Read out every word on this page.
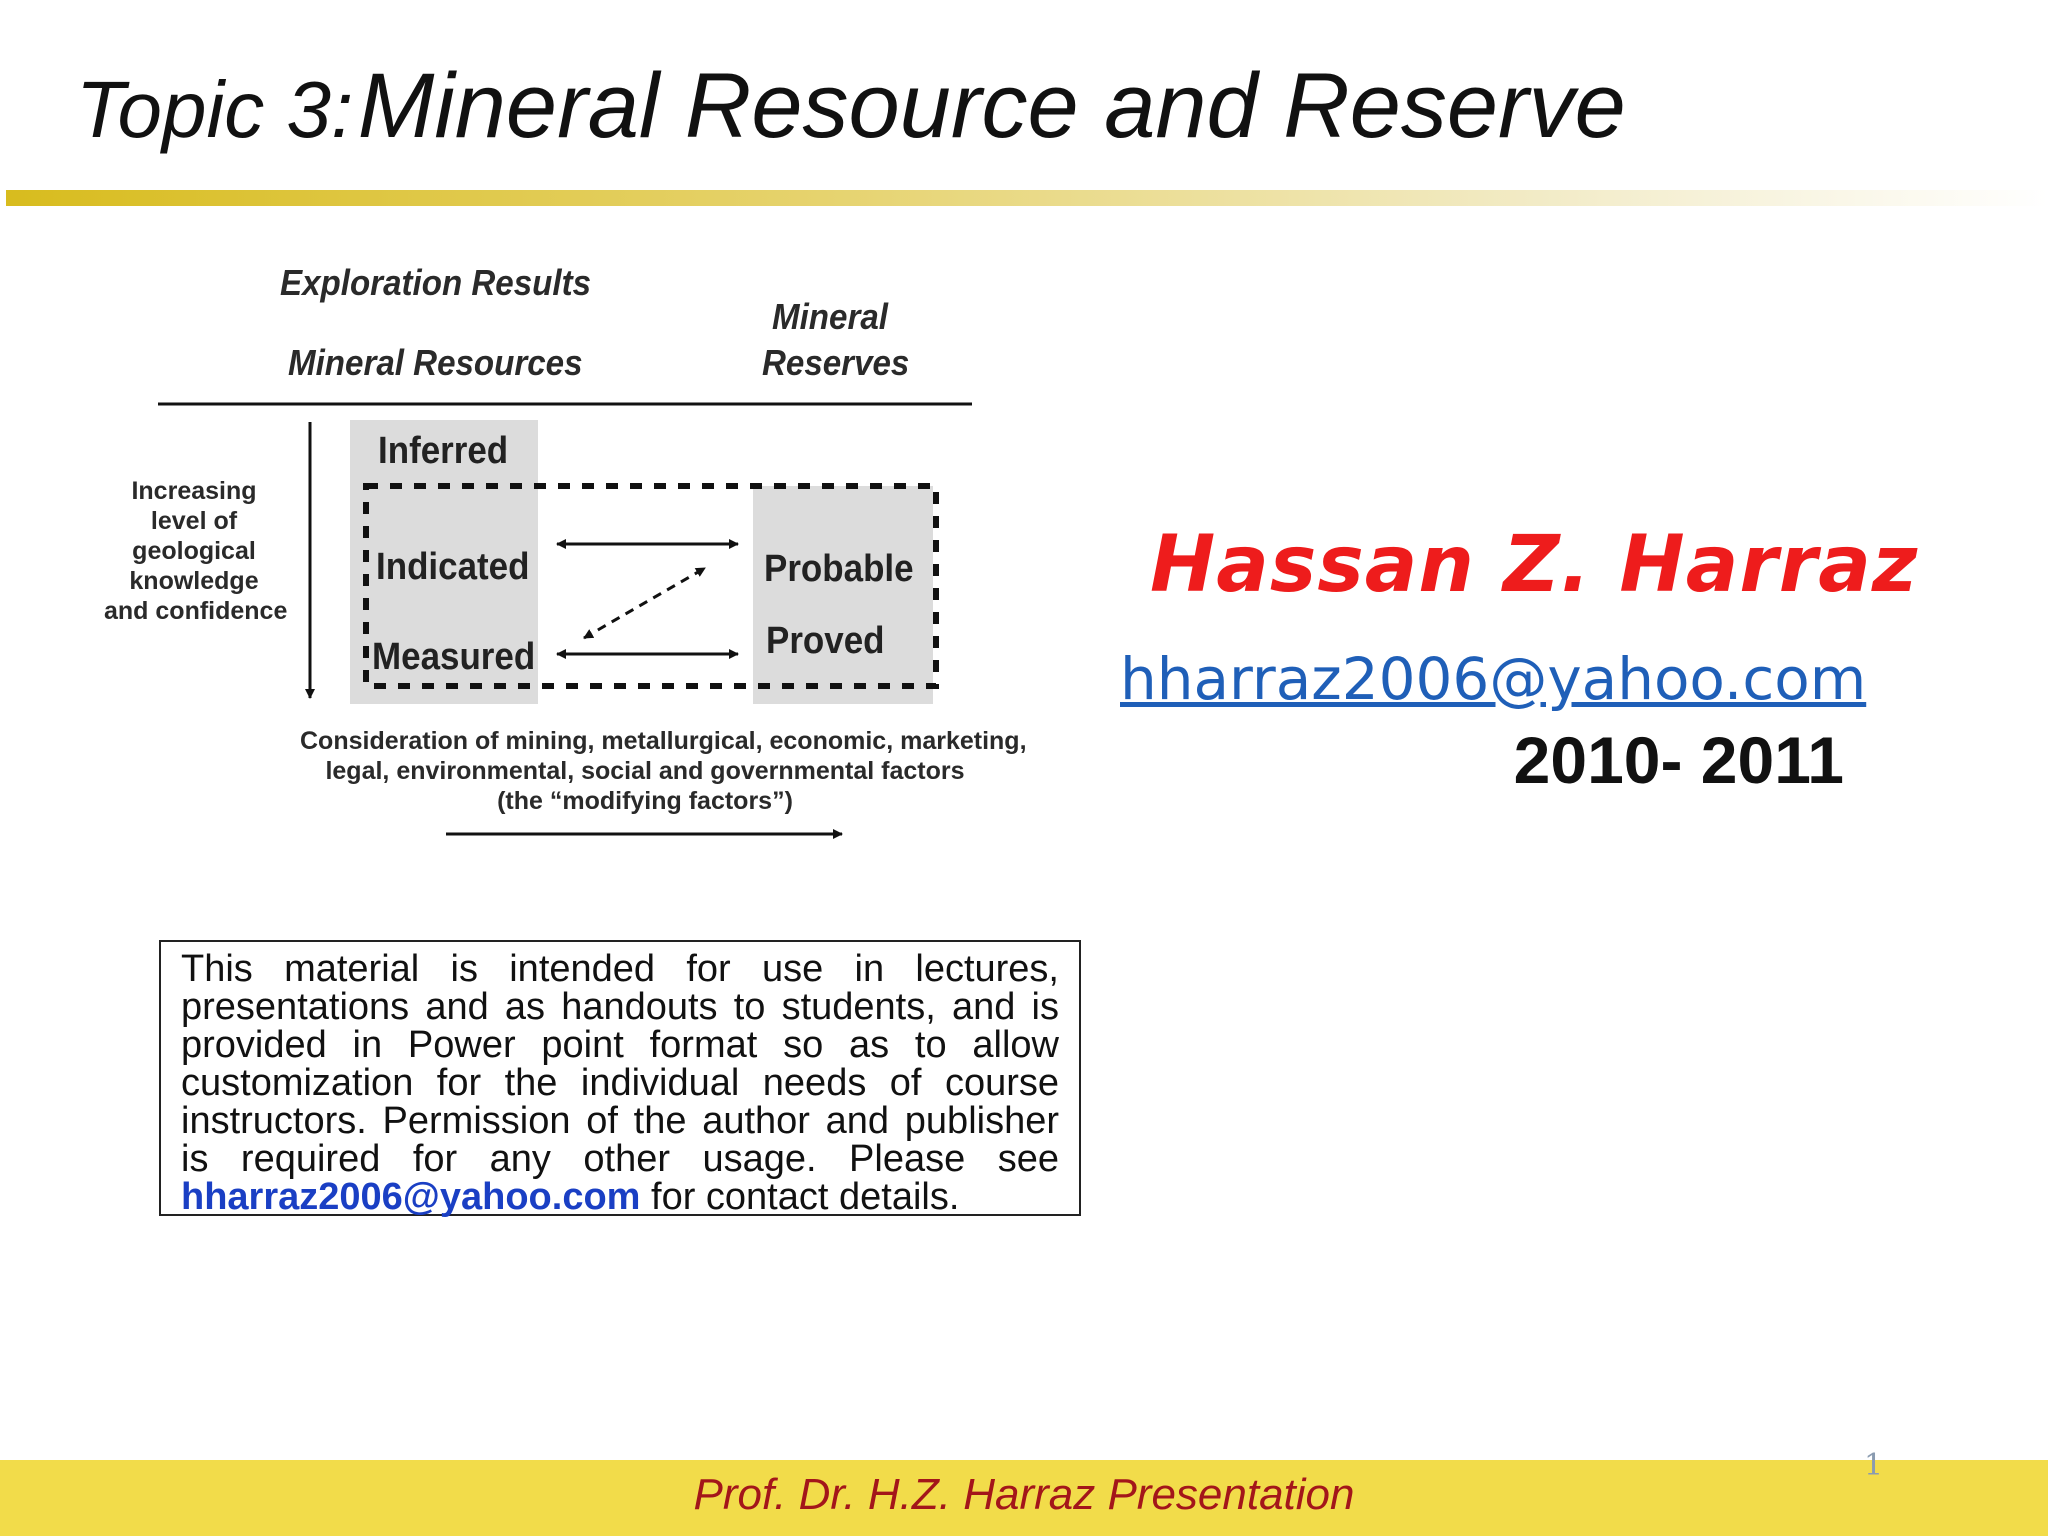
Topic 3: Mineral Resource and Reserve
Exploration Results
Mineral Resources
Mineral
Reserves
Inferred
Indicated
Measured
Probable
Proved
Increasing
level of
geological
knowledge
and confidence
Consideration of mining, metallurgical, economic, marketing,
legal, environmental, social and governmental factors
(the “modifying factors”)
Hassan Z. Harraz
hharraz2006@yahoo.com
2010- 2011
This material is intended for use in lectures, presentations and as handouts to students, and is provided in Power point format so as to allow customization for the individual needs of course instructors. Permission of the author and publisher is required for any other usage. Please see hharraz2006@yahoo.com for contact details.
Prof. Dr. H.Z. Harraz Presentation
1
